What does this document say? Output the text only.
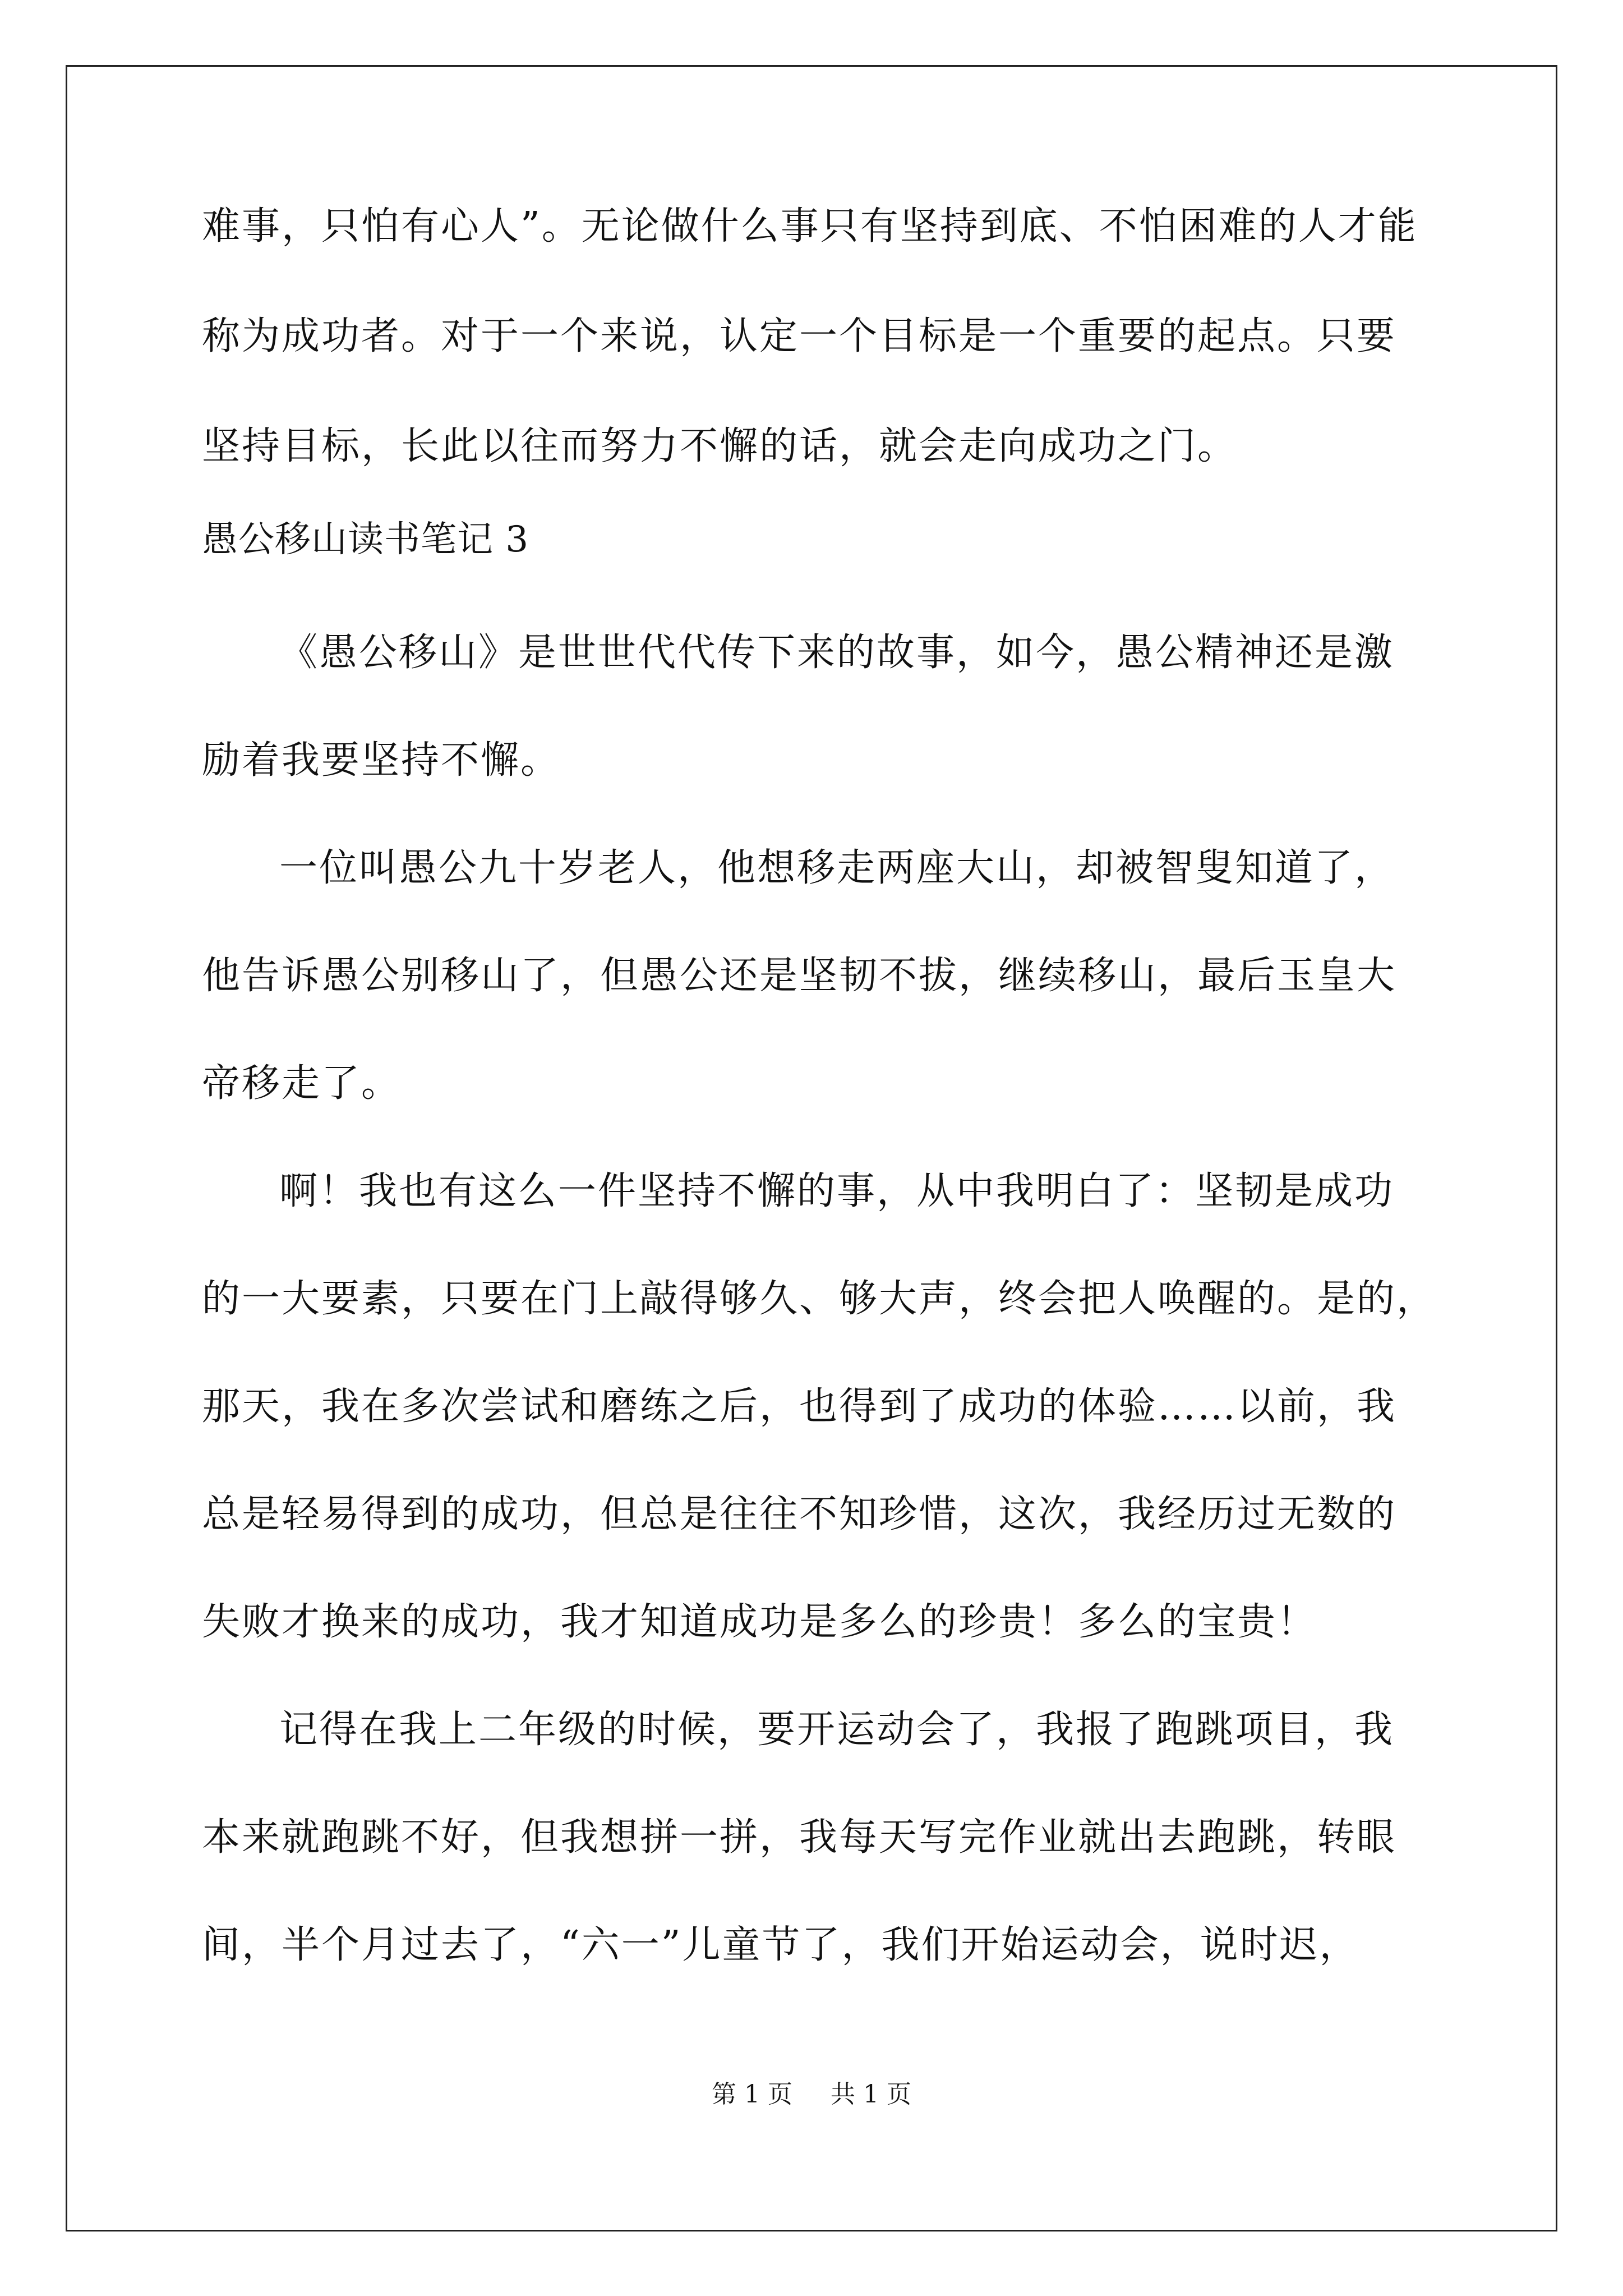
难事，只怕有心人”。无论做什么事只有坚持到底、不怕困难的人才能
称为成功者。对于一个来说，认定一个目标是一个重要的起点。只要
坚持目标，长此以往而努力不懈的话，就会走向成功之门。
愚公移山读书笔记 3
《愚公移山》是世世代代传下来的故事，如今，愚公精神还是激
励着我要坚持不懈。
一位叫愚公九十岁老人，他想移走两座大山，却被智叟知道了，
他告诉愚公别移山了，但愚公还是坚韧不拔，继续移山，最后玉皇大
帝移走了。
啊！我也有这么一件坚持不懈的事，从中我明白了：坚韧是成功
的一大要素，只要在门上敲得够久、够大声，终会把人唤醒的。是的，
那天，我在多次尝试和磨练之后，也得到了成功的体验……以前，我
总是轻易得到的成功，但总是往往不知珍惜，这次，我经历过无数的
失败才换来的成功，我才知道成功是多么的珍贵！多么的宝贵！
记得在我上二年级的时候，要开运动会了，我报了跑跳项目，我
本来就跑跳不好，但我想拼一拼，我每天写完作业就出去跑跳，转眼
间，半个月过去了，“六一”儿童节了，我们开始运动会，说时迟，
第 1 页 共 1 页
